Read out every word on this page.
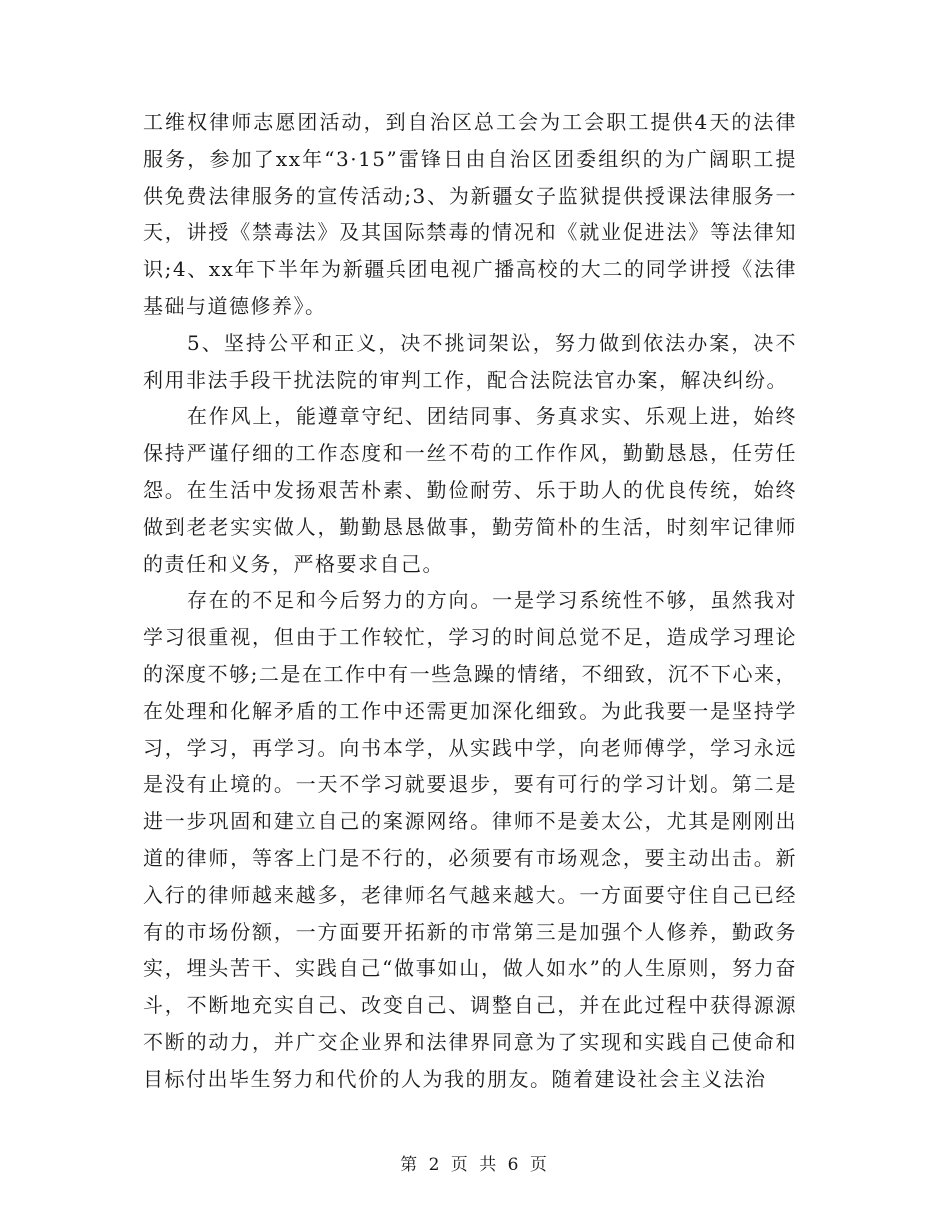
工维权律师志愿团活动，到自治区总工会为工会职工提供4天的法律服务，参加了xx年“3·15”雷锋日由自治区团委组织的为广阔职工提供免费法律服务的宣传活动;3、为新疆女子监狱提供授课法律服务一天，讲授《禁毒法》及其国际禁毒的情况和《就业促进法》等法律知识;4、xx年下半年为新疆兵团电视广播高校的大二的同学讲授《法律基础与道德修养》。

5、坚持公平和正义，决不挑词架讼，努力做到依法办案，决不利用非法手段干扰法院的审判工作，配合法院法官办案，解决纠纷。

在作风上，能遵章守纪、团结同事、务真求实、乐观上进，始终保持严谨仔细的工作态度和一丝不苟的工作作风，勤勤恳恳，任劳任怨。在生活中发扬艰苦朴素、勤俭耐劳、乐于助人的优良传统，始终做到老老实实做人，勤勤恳恳做事，勤劳简朴的生活，时刻牢记律师的责任和义务，严格要求自己。

存在的不足和今后努力的方向。一是学习系统性不够，虽然我对学习很重视，但由于工作较忙，学习的时间总觉不足，造成学习理论的深度不够;二是在工作中有一些急躁的情绪，不细致，沉不下心来，在处理和化解矛盾的工作中还需更加深化细致。为此我要一是坚持学习，学习，再学习。向书本学，从实践中学，向老师傅学，学习永远是没有止境的。一天不学习就要退步，要有可行的学习计划。第二是进一步巩固和建立自己的案源网络。律师不是姜太公，尤其是刚刚出道的律师，等客上门是不行的，必须要有市场观念，要主动出击。新入行的律师越来越多，老律师名气越来越大。一方面要守住自己已经有的市场份额，一方面要开拓新的市常第三是加强个人修养，勤政务实，埋头苦干、实践自己“做事如山，做人如水”的人生原则，努力奋斗，不断地充实自己、改变自己、调整自己，并在此过程中获得源源不断的动力，并广交企业界和法律界同意为了实现和实践自己使命和目标付出毕生努力和代价的人为我的朋友。随着建设社会主义法治

第 2 页 共 6 页
